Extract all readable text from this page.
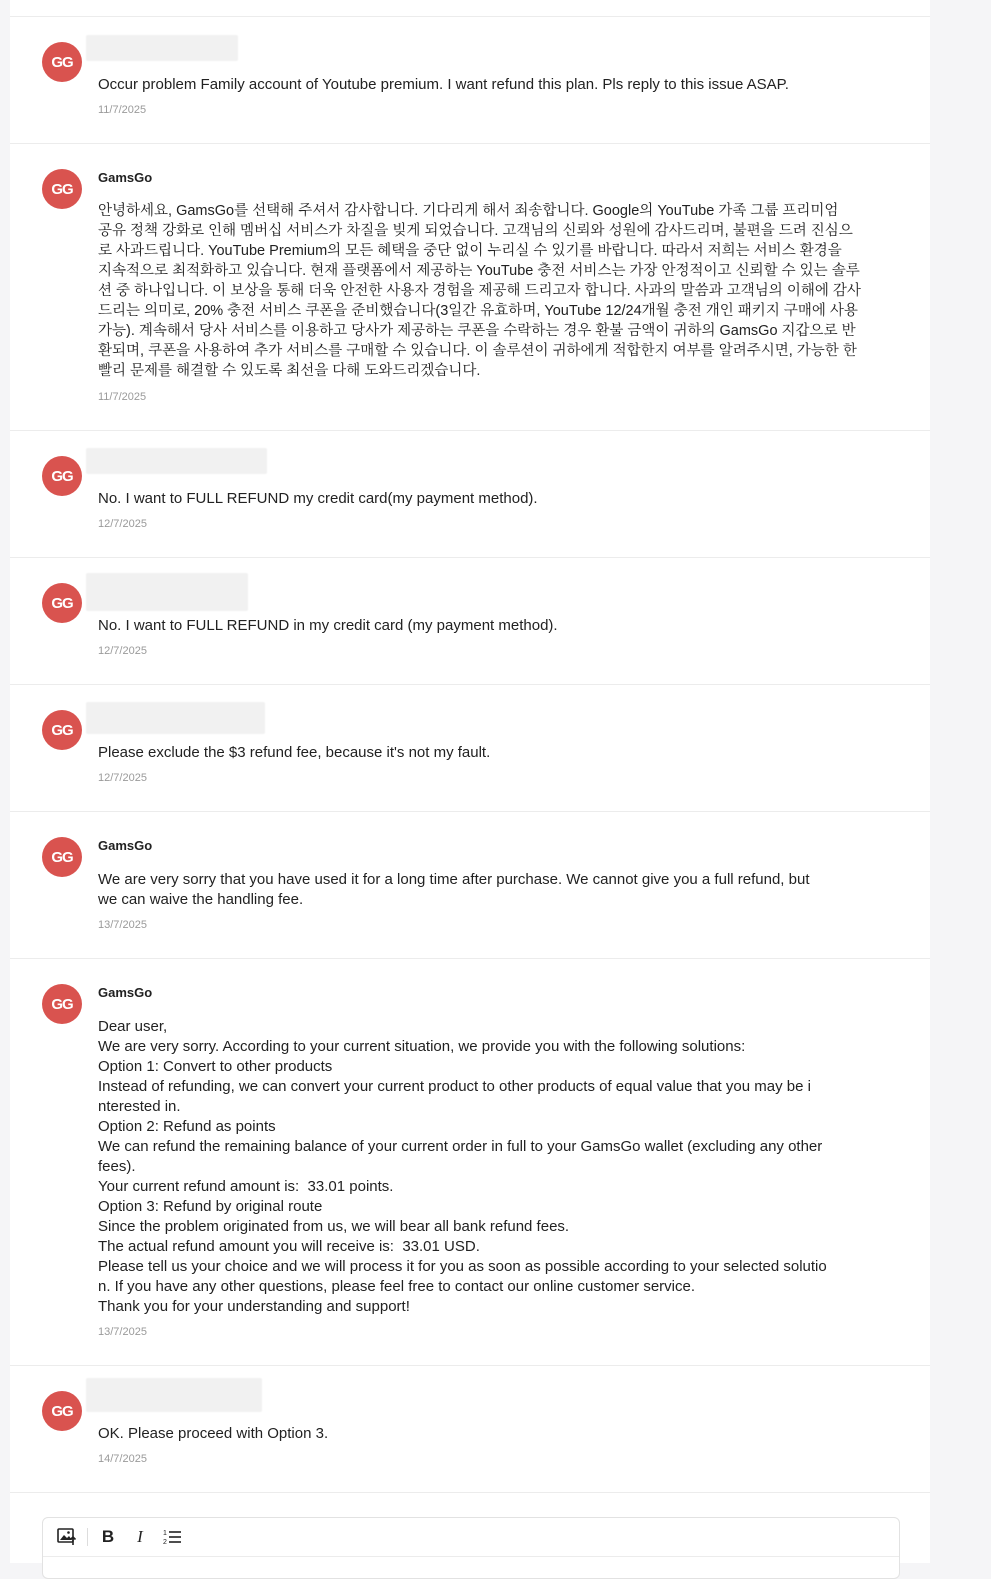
GG
Occur problem Family account of Youtube premium. I want refund this plan. Pls reply to this issue ASAP.
11/7/2025
GG
GamsGo
안녕하세요, GamsGo를 선택해 주셔서 감사합니다. 기다리게 해서 죄송합니다. Google의 YouTube 가족 그룹 프리미엄
공유 정책 강화로 인해 멤버십 서비스가 차질을 빚게 되었습니다. 고객님의 신뢰와 성원에 감사드리며, 불편을 드려 진심으
로 사과드립니다. YouTube Premium의 모든 혜택을 중단 없이 누리실 수 있기를 바랍니다. 따라서 저희는 서비스 환경을
지속적으로 최적화하고 있습니다. 현재 플랫폼에서 제공하는 YouTube 충전 서비스는 가장 안정적이고 신뢰할 수 있는 솔루
션 중 하나입니다. 이 보상을 통해 더욱 안전한 사용자 경험을 제공해 드리고자 합니다. 사과의 말씀과 고객님의 이해에 감사
드리는 의미로, 20% 충전 서비스 쿠폰을 준비했습니다(3일간 유효하며, YouTube 12/24개월 충전 개인 패키지 구매에 사용
가능). 계속해서 당사 서비스를 이용하고 당사가 제공하는 쿠폰을 수락하는 경우 환불 금액이 귀하의 GamsGo 지갑으로 반
환되며, 쿠폰을 사용하여 추가 서비스를 구매할 수 있습니다. 이 솔루션이 귀하에게 적합한지 여부를 알려주시면, 가능한 한
빨리 문제를 해결할 수 있도록 최선을 다해 도와드리겠습니다.
11/7/2025
GG
No. I want to FULL REFUND my credit card(my payment method).
12/7/2025
GG
No. I want to FULL REFUND in my credit card (my payment method).
12/7/2025
GG
Please exclude the $3 refund fee, because it's not my fault.
12/7/2025
GG
GamsGo
We are very sorry that you have used it for a long time after purchase. We cannot give you a full refund, but
we can waive the handling fee.
13/7/2025
GG
GamsGo
Dear user,
We are very sorry. According to your current situation, we provide you with the following solutions:
Option 1: Convert to other products
Instead of refunding, we can convert your current product to other products of equal value that you may be i
nterested in.
Option 2: Refund as points
We can refund the remaining balance of your current order in full to your GamsGo wallet (excluding any other
fees).
Your current refund amount is:  33.01 points.
Option 3: Refund by original route
Since the problem originated from us, we will bear all bank refund fees.
The actual refund amount you will receive is:  33.01 USD.
Please tell us your choice and we will process it for you as soon as possible according to your selected solutio
n. If you have any other questions, please feel free to contact our online customer service.
Thank you for your understanding and support!
13/7/2025
GG
OK. Please proceed with Option 3.
14/7/2025
B	I	1
2
